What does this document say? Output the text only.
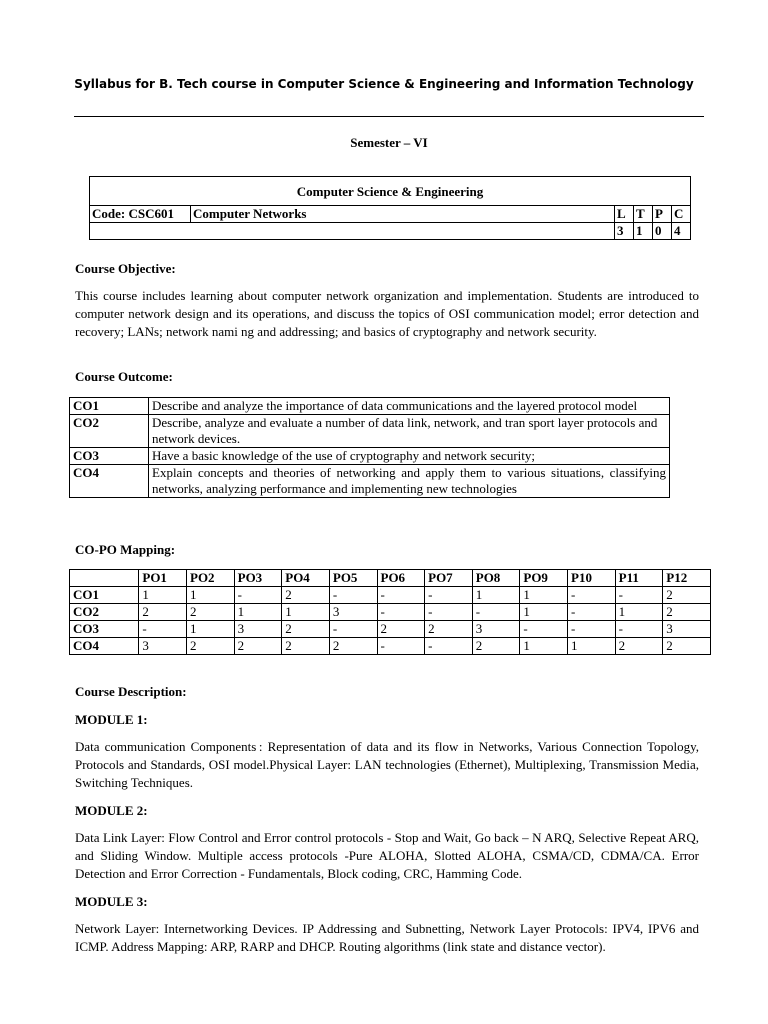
Syllabus for B. Tech course in Computer Science & Engineering and Information Technology
Semester – VI
Computer Science & Engineering					
Code: CSC601	Computer Networks	L	T	P	C
		3	1	0	4
Course Objective:
This course includes learning about computer network organization and implementation. Students are introduced to computer network design and its operations, and discuss the topics of OSI communication model; error detection and recovery; LANs; network nami ng and addressing; and basics of cryptography and network security.
Course Outcome:
CO1	Describe and analyze the importance of data communications and the layered protocol model
CO2	Describe, analyze and evaluate a number of data link, network, and tran sport layer protocols and network devices.
CO3	Have a basic knowledge of the use of cryptography and network security;
CO4	Explain concepts and theories of networking and apply them to various situations, classifying networks, analyzing performance and implementing new technologies
CO-PO Mapping:
	PO1	PO2	PO3	PO4	PO5	PO6	PO7	PO8	PO9	P10	P11	P12
CO1	1	1	-	2	-	-	-	1	1	-	-	2
CO2	2	2	1	1	3	-	-	-	1	-	1	2
CO3	-	1	3	2	-	2	2	3	-	-	-	3
CO4	3	2	2	2	2	-	-	2	1	1	2	2
Course Description:
MODULE 1:
Data communication Components : Representation of data and its flow in Networks, Various Connection Topology, Protocols and Standards, OSI model.Physical Layer: LAN technologies (Ethernet), Multiplexing, Transmission Media, Switching Techniques.
MODULE 2:
Data Link Layer: Flow Control and Error control protocols - Stop and Wait, Go back – N ARQ, Selective Repeat ARQ, and Sliding Window. Multiple access protocols -Pure ALOHA, Slotted ALOHA, CSMA/CD, CDMA/CA. Error Detection and Error Correction - Fundamentals, Block coding, CRC, Hamming Code.
MODULE 3:
Network Layer: Internetworking Devices. IP Addressing and Subnetting, Network Layer Protocols: IPV4, IPV6 and ICMP. Address Mapping: ARP, RARP and DHCP. Routing algorithms (link state and distance vector).
